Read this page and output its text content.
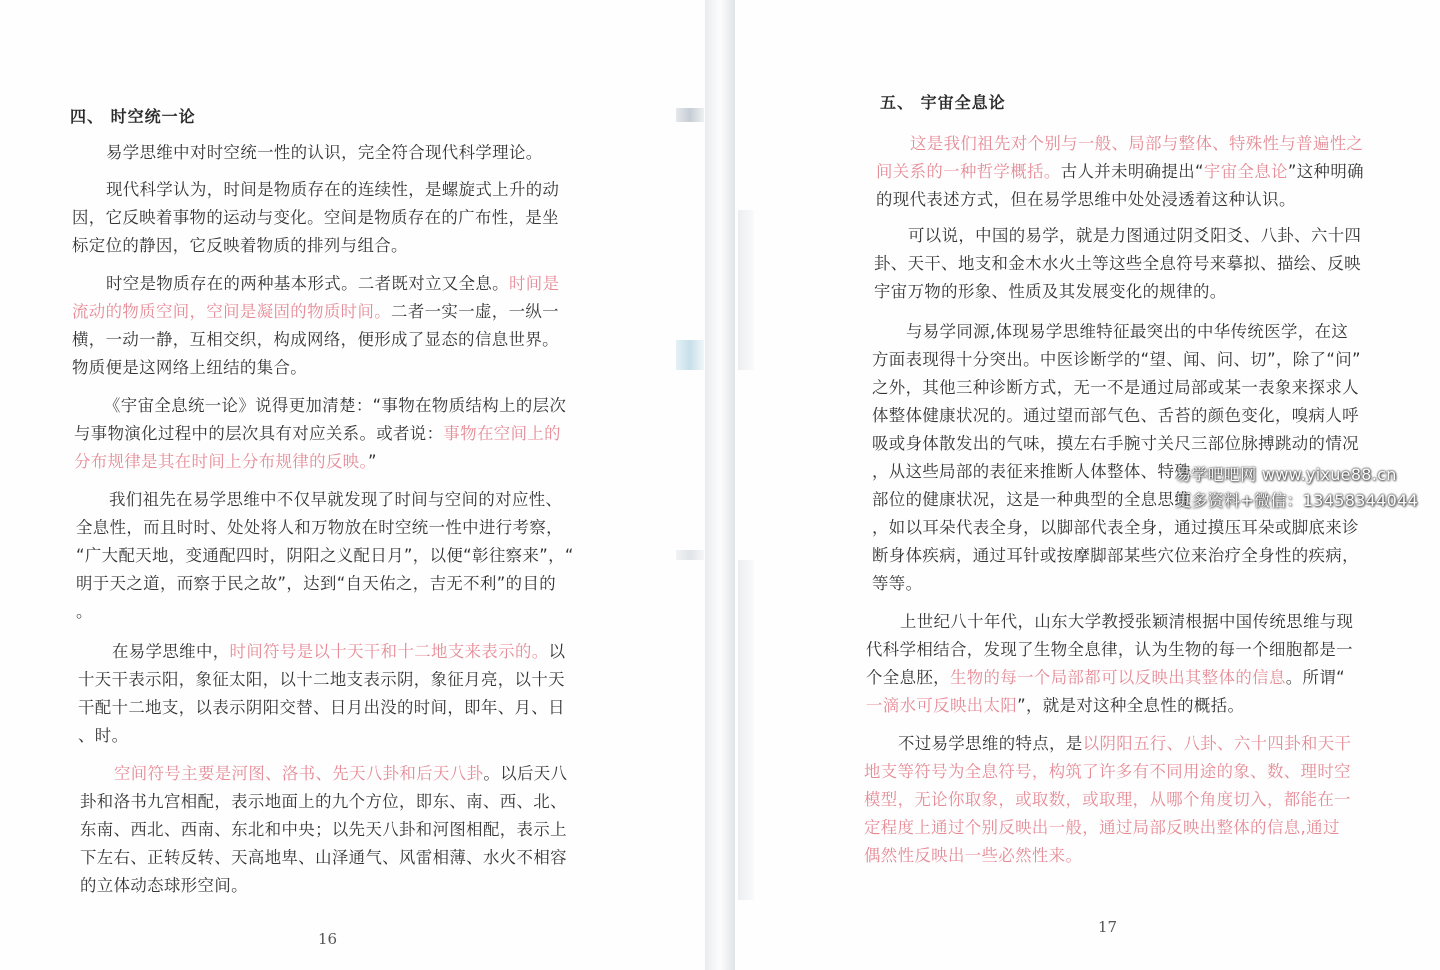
四、 时空统一论
易学思维中对时空统一性的认识，完全符合现代科学理论。
现代科学认为，时间是物质存在的连续性，是螺旋式上升的动
因，它反映着事物的运动与变化。空间是物质存在的广布性，是坐
标定位的静因，它反映着物质的排列与组合。
时空是物质存在的两种基本形式。二者既对立又全息。时间是
流动的物质空间，空间是凝固的物质时间。二者一实一虚，一纵一
横，一动一静，互相交织，构成网络，便形成了显态的信息世界。
物质便是这网络上纽结的集合。
《宇宙全息统一论》说得更加清楚：“事物在物质结构上的层次
与事物演化过程中的层次具有对应关系。或者说：事物在空间上的
分布规律是其在时间上分布规律的反映。”
我们祖先在易学思维中不仅早就发现了时间与空间的对应性、
全息性，而且时时、处处将人和万物放在时空统一性中进行考察，
“广大配天地，变通配四时，阴阳之义配日月”，以便“彰往察来”，“
明于天之道，而察于民之故”，达到“自天佑之，吉无不利”的目的
。
在易学思维中，时间符号是以十天干和十二地支来表示的。以
十天干表示阳，象征太阳，以十二地支表示阴，象征月亮，以十天
干配十二地支，以表示阴阳交替、日月出没的时间，即年、月、日
、时。
空间符号主要是河图、洛书、先天八卦和后天八卦。以后天八
卦和洛书九宫相配，表示地面上的九个方位，即东、南、西、北、
东南、西北、西南、东北和中央；以先天八卦和河图相配，表示上
下左右、正转反转、天高地卑、山泽通气、风雷相薄、水火不相容
的立体动态球形空间。
16
五、 宇宙全息论
这是我们祖先对个别与一般、局部与整体、特殊性与普遍性之
间关系的一种哲学概括。古人并未明确提出“宇宙全息论”这种明确
的现代表述方式，但在易学思维中处处浸透着这种认识。
可以说，中国的易学，就是力图通过阴爻阳爻、八卦、六十四
卦、天干、地支和金木水火土等这些全息符号来摹拟、描绘、反映
宇宙万物的形象、性质及其发展变化的规律的。
与易学同源,体现易学思维特征最突出的中华传统医学，在这
方面表现得十分突出。中医诊断学的“望、闻、问、切”，除了“问”
之外，其他三种诊断方式，无一不是通过局部或某一表象来探求人
体整体健康状况的。通过望而部气色、舌苔的颜色变化，嗅病人呼
吸或身体散发出的气味，摸左右手腕寸关尺三部位脉搏跳动的情况
，从这些局部的表征来推断人体整体、特殊
部位的健康状况，这是一种典型的全息思维
，如以耳朵代表全身，以脚部代表全身，通过摸压耳朵或脚底来诊
断身体疾病，通过耳针或按摩脚部某些穴位来治疗全身性的疾病，
等等。
上世纪八十年代，山东大学教授张颖清根据中国传统思维与现
代科学相结合，发现了生物全息律，认为生物的每一个细胞都是一
个全息胚，生物的每一个局部都可以反映出其整体的信息。所谓“
一滴水可反映出太阳”，就是对这种全息性的概括。
不过易学思维的特点，是以阴阳五行、八卦、六十四卦和天干
地支等符号为全息符号，构筑了许多有不同用途的象、数、理时空
模型，无论你取象，或取数，或取理，从哪个角度切入，都能在一
定程度上通过个别反映出一般，通过局部反映出整体的信息,通过
偶然性反映出一些必然性来。
易学吧吧网 www.yixue88.cn
更多资料+微信：13458344044
17
